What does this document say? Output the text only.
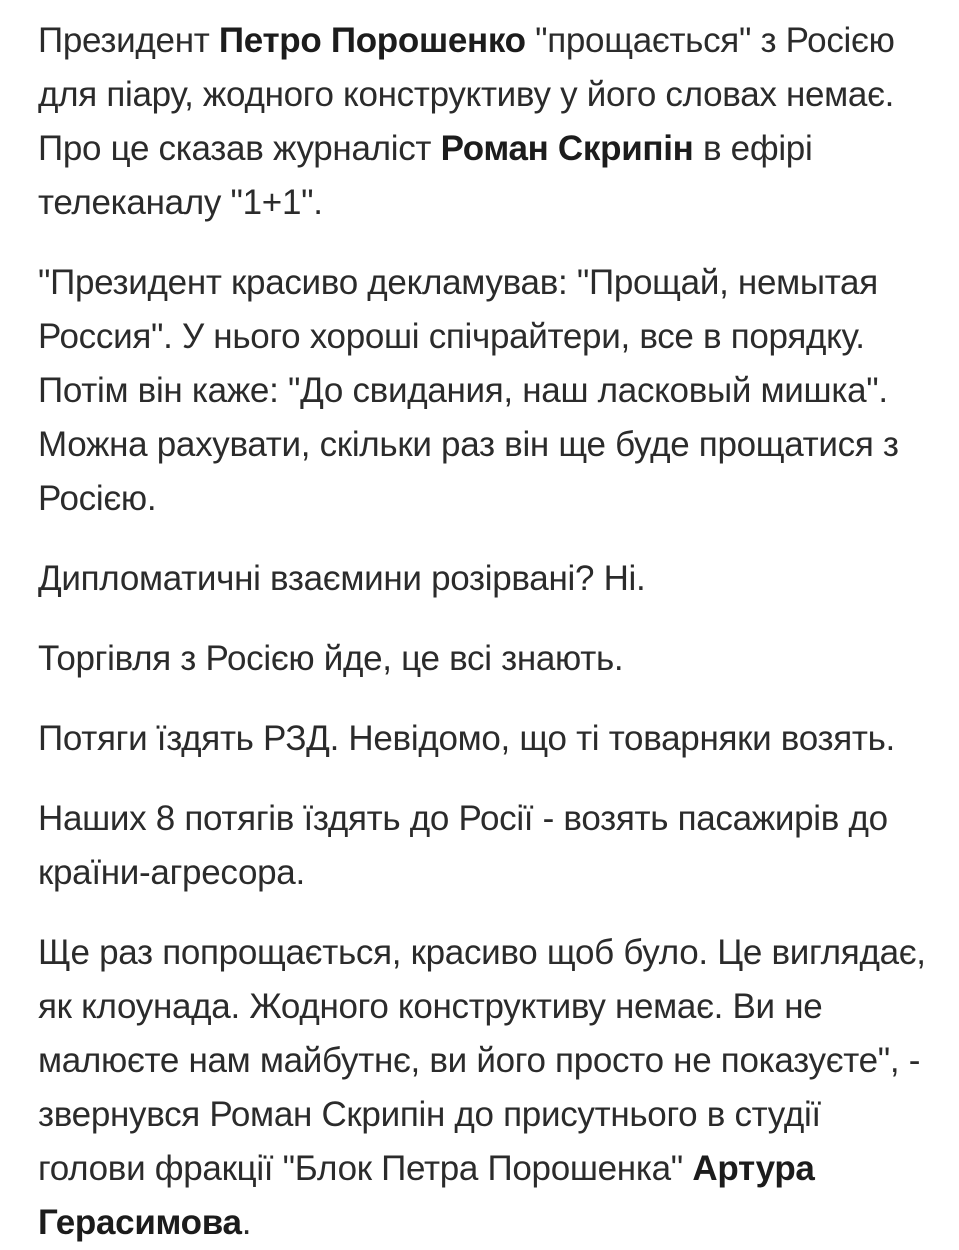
Президент Петро Порошенко "прощається" з Росією для піару, жодного конструктиву у його словах немає. Про це сказав журналіст Роман Скрипін в ефірі телеканалу "1+1".

"Президент красиво декламував: "Прощай, немытая Россия". У нього хороші спічрайтери, все в порядку. Потім він каже: "До свидания, наш ласковый мишка". Можна рахувати, скільки раз він ще буде прощатися з Росією.

Дипломатичні взаємини розірвані? Ні.

Торгівля з Росією йде, це всі знають.

Потяги їздять РЗД. Невідомо, що ті товарняки возять.

Наших 8 потягів їздять до Росії - возять пасажирів до країни-агресора.

Ще раз попрощається, красиво щоб було. Це виглядає, як клоунада. Жодного конструктиву немає. Ви не малюєте нам майбутнє, ви його просто не показуєте", - звернувся Роман Скрипін до присутнього в студії голови фракції "Блок Петра Порошенка" Артура Герасимова.
